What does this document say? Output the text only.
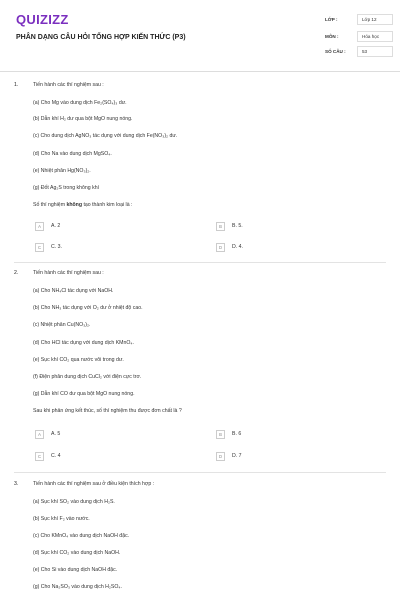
QUIZIZZ
PHÂN DẠNG CÂU HỎI TỔNG HỢP KIẾN THỨC (P3)
LỚP :	Lớp 12
MÔN :	Hóa học
SỐ CÂU :	53
1.	Tiến hành các thí nghiệm sau :
(a) Cho Mg vào dung dịch Fe₂(SO₄)₃ dư.
(b) Dẫn khí H₂ dư qua bột MgO nung nóng.
(c) Cho dung dịch AgNO₃ tác dụng với dung dịch Fe(NO₃)₂ dư.
(d) Cho Na vào dung dịch MgSO₄.
(e) Nhiệt phân Hg(NO₃)₂.
(g) Đốt Ag₂S trong không khí
Số thí nghiệm không tạo thành kim loại là :
A	A. 2	B	B. 5.
C	C. 3.	D	D. 4.
2.	Tiến hành các thí nghiệm sau :
(a) Cho NH₄Cl tác dụng với NaOH.
(b) Cho NH₃ tác dụng với O₂ dư ở nhiệt độ cao.
(c) Nhiệt phân Cu(NO₃)₂.
(d) Cho HCl tác dụng với dung dịch KMnO₄.
(e) Sục khí CO₂ qua nước vôi trong dư.
(f) Điện phân dung dịch CuCl₂ với điện cực trơ.
(g) Dẫn khí CO dư qua bột MgO nung nóng.
Sau khi phản ứng kết thúc, số thí nghiệm thu được đơn chất là ?
A	A. 5	B	B. 6
C	C. 4	D	D. 7
3.	Tiến hành các thí nghiệm sau ở điều kiện thích hợp :
(a) Sục khí SO₂ vào dung dịch H₂S.
(b) Sục khí F₂ vào nước.
(c) Cho KMnO₄ vào dung dịch NaOH đặc.
(d) Sục khí CO₂ vào dung dịch NaOH.
(e) Cho Si vào dung dịch NaOH đặc.
(g) Cho Na₂SO₃ vào dung dịch H₂SO₄.
